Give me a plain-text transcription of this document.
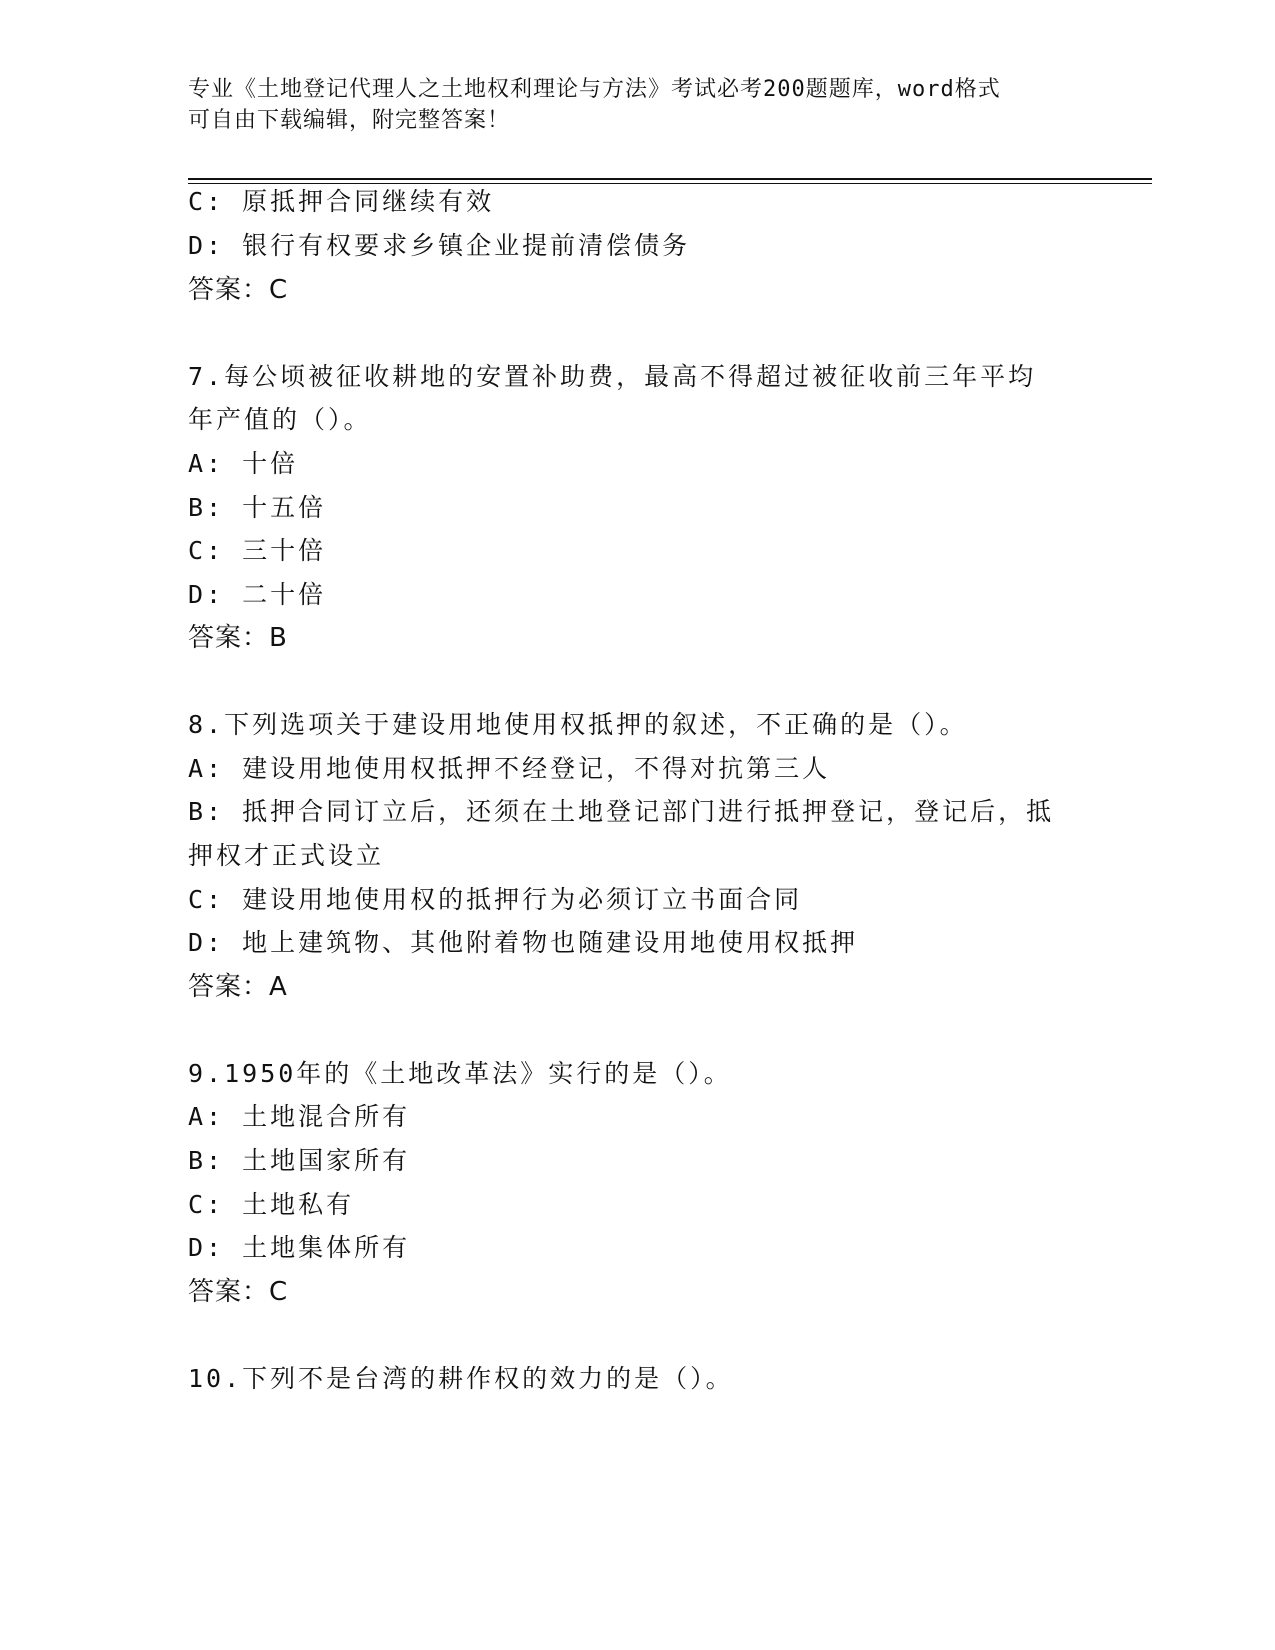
专业《土地登记代理人之土地权利理论与方法》考试必考200题题库，word格式
可自由下载编辑，附完整答案！
C: 原抵押合同继续有效
D: 银行有权要求乡镇企业提前清偿债务
答案：C
7.每公顷被征收耕地的安置补助费，最高不得超过被征收前三年平均
年产值的（）。
A: 十倍
B: 十五倍
C: 三十倍
D: 二十倍
答案：B
8.下列选项关于建设用地使用权抵押的叙述，不正确的是（）。
A: 建设用地使用权抵押不经登记，不得对抗第三人
B: 抵押合同订立后，还须在土地登记部门进行抵押登记，登记后，抵
押权才正式设立
C: 建设用地使用权的抵押行为必须订立书面合同
D: 地上建筑物、其他附着物也随建设用地使用权抵押
答案：A
9.1950年的《土地改革法》实行的是（）。
A: 土地混合所有
B: 土地国家所有
C: 土地私有
D: 土地集体所有
答案：C
10.下列不是台湾的耕作权的效力的是（）。
